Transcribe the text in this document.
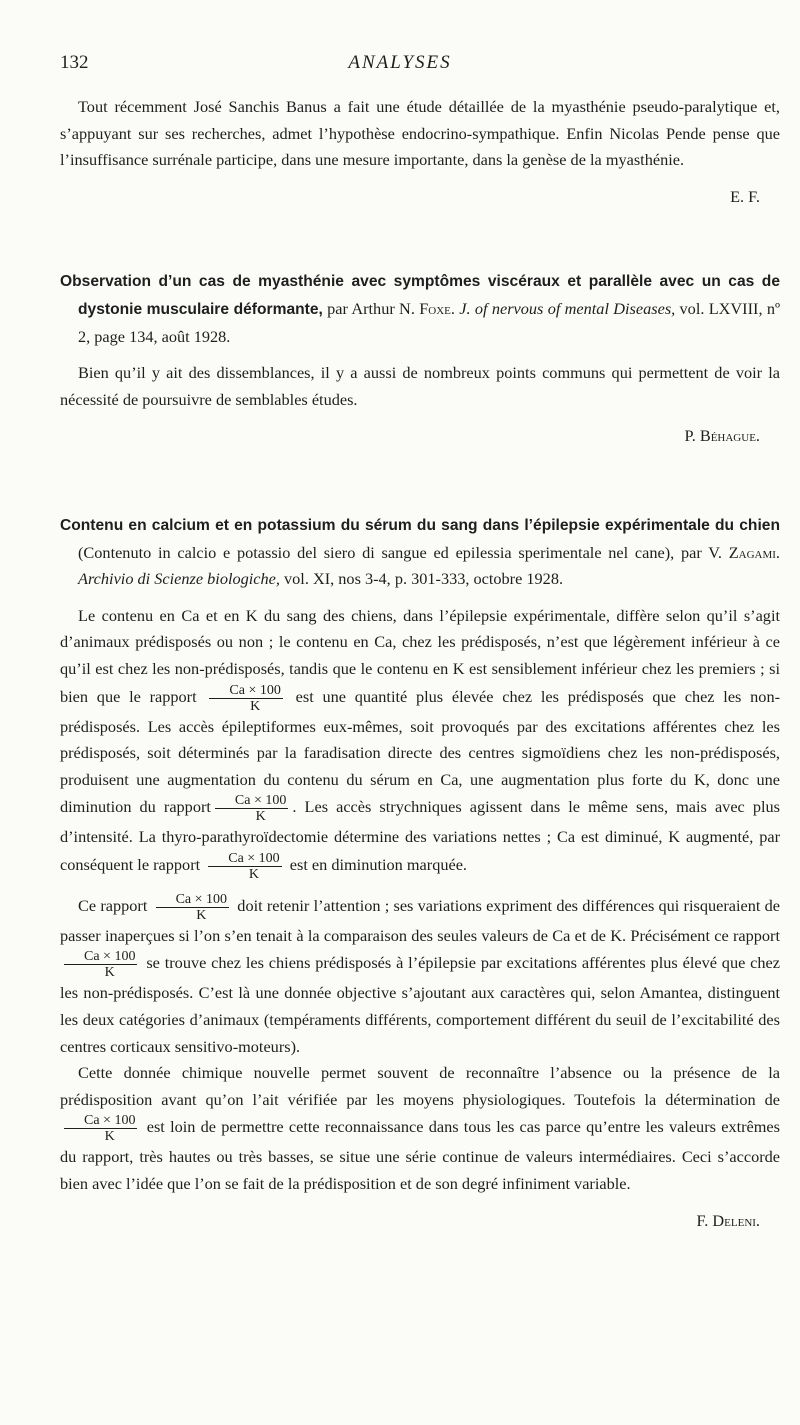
132	ANALYSES

Tout récemment José Sanchis Banus a fait une étude détaillée de la myasthénie pseudo-paralytique et, s’appuyant sur ses recherches, admet l’hypothèse endocrino-sympathique. Enfin Nicolas Pende pense que l’insuffisance surrénale participe, dans une mesure importante, dans la genèse de la myasthénie.

E. F.

Observation d’un cas de myasthénie avec symptômes viscéraux et parallèle avec un cas de dystonie musculaire déformante, par Arthur N. Foxe. J. of nervous of mental Diseases, vol. LXVIII, nº 2, page 134, août 1928.

Bien qu’il y ait des dissemblances, il y a aussi de nombreux points communs qui permettent de voir la nécessité de poursuivre de semblables études.

P. Béhague.

Contenu en calcium et en potassium du sérum du sang dans l’épilepsie expérimentale du chien (Contenuto in calcio e potassio del siero di sangue ed epilessia sperimentale nel cane), par V. Zagami. Archivio di Scienze biologiche, vol. XI, nos 3-4, p. 301-333, octobre 1928.

Le contenu en Ca et en K du sang des chiens, dans l’épilepsie expérimentale, diffère selon qu’il s’agit d’animaux prédisposés ou non ; le contenu en Ca, chez les prédisposés, n’est que légèrement inférieur à ce qu’il est chez les non-prédisposés, tandis que le contenu en K est sensiblement inférieur chez les premiers ; si bien que le rapport $\frac{Ca \times 100}{K}$ est une quantité plus élevée chez les prédisposés que chez les non-prédisposés. Les accès épileptiformes eux-mêmes, soit provoqués par des excitations afférentes chez les prédisposés, soit déterminés par la faradisation directe des centres sigmoïdiens chez les non-prédisposés, produisent une augmentation du contenu du sérum en Ca, une augmentation plus forte du K, donc une diminution du rapport $\frac{Ca \times 100}{K}$ . Les accès strychniques agissent dans le même sens, mais avec plus d’intensité. La thyro-parathyroïdectomie détermine des variations nettes ; Ca est diminué, K augmenté, par conséquent le rapport $\frac{Ca \times 100}{K}$ est en diminution marquée.

Ce rapport $\frac{Ca \times 100}{K}$ doit retenir l’attention ; ses variations expriment des différences qui risqueraient de passer inaperçues si l’on s’en tenait à la comparaison des seules valeurs de Ca et de K. Précisément ce rapport
$\frac{Ca \times 100}{K}$ se trouve chez les chiens prédisposés à l’épilepsie par excitations afférentes plus élevé que chez les non-prédisposés. C’est là une donnée objective s’ajoutant aux caractères qui, selon Amantea, distinguent les deux catégories d’animaux (tempéraments différents, comportement différent du seuil de l’excitabilité des centres corticaux sensitivo-moteurs).

Cette donnée chimique nouvelle permet souvent de reconnaître l’absence ou la présence de la prédisposition avant qu’on l’ait vérifiée par les moyens physiologiques. Toutefois la détermination de
$\frac{Ca \times 100}{K}$ est loin de permettre cette reconnaissance dans tous les cas parce qu’entre les valeurs extrêmes du rapport, très hautes ou très basses, se situe une série continue de valeurs intermédiaires. Ceci s’accorde bien avec l’idée que l’on se fait de la prédisposition et de son degré infiniment variable.

F. Deleni.
